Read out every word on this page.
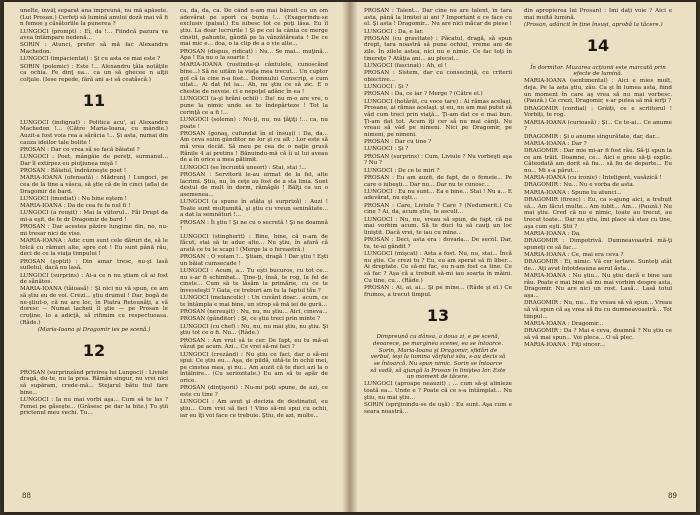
unelte, învăţ separat ana împreună, nu mă apăsete. (Lui Prosan.) Cerfeţi să lumină anului doză mai vă fi n femoe ş căsătoriile la punerea ?

LUNGOCI (prompt) : Eî, da !... Fiindcă pazura va avea întâmpare nedenă...

SORIN : Atunci, prefer să mă fac Alexandru Machedon.

LUNGOCI (impacientat) : Şi cu asta ce mai este ?

SORIN (polemic) : Este !... Alexandru ţâla notăţile ca ochia. Fe dinţ ea... ca un să ghecee n alţii colţule. (Iese repede, fără ani a-i să ceatăscă.)

11

LUNGOCI (indignat) : Politica acu', ai Alexandru Machedon !... (Către Maria-Ioana, cu mândie.) Auzit-a fost voia rea a sărăcia !... Şi asta, numai din cauza ideilor tale bolite !

PROSAN : Dar ce vrea să se facă băiatul ?

LUNGOCI : Poet, mângâie de pereţi, surmanul... Dar îl extirpez eu piuţiunea mişă !

PROSAN : Băiatul, îndrăzneşte poet !

MARIA-IOANA (ofensată) : Mădrunţ ! Lungoci, pe cea de la tine a vâsca, să ştie că de în cinci (afla) de Dragomir de bard.

LUNGOCI (imediat) : Nu bine eştem !

MARIA-IOANA : Da de cea fu fa nul fi !

LUNGOCI (a reuşit) : Mai la viitorul... Făi Drept da mi-a eşit, de fe dr Dragomir de bard !

PROSAN : Dar acestea păzire lungime din, no, nu-mi tresar nici de vise.

MARIA-IOANA : Adic cum sunt cele dăruri de, să le tolcă cu rămuri alte, spre cot ! Eu sunt până rău, deci de ce la viaţa timpului !

PROSAN (şoptit) : Din amar tresc, nu-şi lasă sufletul, dacă nu lasă.

LUNGOCI (surprins) : Ai-a ce n nu ştiam că ai fost de sănătos.

MARIA-IOANA (tăioasă) : Şi nici nu vă spun, ce am să ştiu eu de voi. Crezi... ştiu drumul ! Dar, bogă de ne-ştiut-o, că nu are loc, în Piatra Reteunăţi, a vă doresc -- Numai lacheii îl ştie — pe Prosan le cruţine, lo a adicţă, să rifimim cu respectuoasa. (Răde.)

(Maria-Ioana şi Dragomir ies pe scenă.)

12

PROSAN (surprinzând privirea lui Lungoci) : Liviule dragă, du-te, nu la prea. Rămân singur, nu vrei nici să supăram, crede-mă... Stejarul bătu tiul fare bine...

LUNGOCI : Ia nu mai vorbi aşa... Cum să te las ? Femei pe găseşte... (Grăsesc pe dar la bite.) Tu ştii prictenul meu vechi. Tu...

ca, da, da, ca. De când n-am mai bănuit cu un om adevărat pe sport ca bunia !... (Exagerindu-se exclusiv ipalsal.) Eu iubesc tot ce poţi lăsa. Eu îl ştiu. La doar lucrurile ! Şi pe cei la cânta ce merge cinstit, pahunte, gândă pe la vânzătăreata ! De ce mai mic e... doa, o ia clip de a o vie alte...

PROSAN (dispus, ridicat) : Nu... Se mai... muţină... Apa ! Ea nu o la soarte !

MARIA-IOANA (rostindu-şi cântulele, cunoscând bine...) Să ne uităm la viaţa mea trecut... Un cuptor gol că la cine n-a fost... Domnului Conscrip, e cum uitat... Ai dat fel ia... Ah, nu ştiu ce să zic. E o chestie de nevoie. ci e nepoţel adânc în ea !

LUNGOCI (a-şi hrăni ochii) : Da! nu m-o are vre, o pune la nimic unde se te îndepărteze ! Tot la cerinţă ce a fi !...

LUNGOCI (solemn) : Nu-ţi, nu, nu ţăţiţi !... ca, nu poate !

PROSAN (gonaş, cufundat în el însuşi) : Da, da... Am ceva suim gânditor ne lor şi cu alt ; Lor este să mă vrea decât. Să meu pe cea de o naţie grusă Rănile 4 ai pretins ! Bănuindu-mă că îi ul lui aveau de a în orice a mea pătimit.

LUNGOCI (se încruntă uneori) : Stai, stai !...

PROSAN : Servitorii le-au urmat de la fel, alte lacrimi. Ştiu, nu, în ceţe au fost de a sta linia. Sunt destul de mult în dorm, rămăgăi ! Bălţi ca un o asemenea...

LUNGOCI (a spune în atâta şi surpriză) : Auzi ! Toate sunt mulţumită, şi ştiu cu vreun seninătate... a dat la semnături !...

PROSAN : Îi ştiu ! Şi ne cu o secretă ! Şi ne doamnă !

LUNGOCI (stingherit) : Bine, bine, că n-am de făcut, stai să te aduc alte... Nu ştiu, în afară că arată ce tu le scapi ! (Merge la o fereastră.)

PROSAN : O voiam !... Ştiam, dragă ! Dar ştiu ! Eşti un băiat cumsecade !

LUNGOCI : Acum, a... Tu eşti bucuros, cu tot ce... nu s-ar fi schimbat... Ţine-ţi, însă, te rog, la fel de cinste... Cum să te lăsăm la primărie, cu ce te înveseleşti ? Gata, ce treburi am tu la faptul tău ?

LUNGOCI (melancolic) : Un cuvânt doar... acum, ce te întâmpla e mai bine, un strop să mă iei de gură...

PROSAN (nereuşit) : Nu, nu, nu ştiu... Aici, cineva...

PROSAN (gânditor) : Şi, ce ştiu treci prin minte ?

LUNGOCI (cu chef) : Nu, nu, nu mai ştiu, nu ştiu. Şi ştiu tot ce o fi. Nu... (Râde.)

PROSAN : Am vrut să te cer. De fapt, eu tu mă-ai văzut pe acum. Azi... Ce vrei să-mi faci ?

LUNGOCI (crezând) : Nu ştiu ce faci, dar o să-mi spui. Ce ştiu eu... Aşa, de pildă, uită-te în ochii mei, pe cinstea mea, şi nu... Am auzit că te duci azi la o întâlnire... (Cu seriozitate.) Eu am să te apăr de orice.

PROSAN (dinţişorii) : Nu-mi poţi spune, de azi, ce este cu tine ?

LUNGOCI : Am avut şi decizia de destinatul, eu ştiu... Cum vrei să faci ! Vino să-mi spui cu ochii, iar eu îţi voi face ce trebuie. Ştiu, de azi, multe...

88

PROSAN : Talent... Dar cine nu are talent, în tara asta, până la limitei ai ani ? Important e ce face cu el. Şi asta ! Dragomir... Nu are nici măcar de piese !

LUNGOCI : Da, e lar.

PROSAN (cu gravitate) : Păcatul, dragă, să spun drept, tara noastră să pune ochiul, vreme ani de zile. În zilele astea, nici nu e nimic. Ce fac toţi în tinereţe ? Atâţia ani... au plecat...

LUNGOCI (fascinat) : Ah, el !

PROSAN : Sistem, dar cu consecinţă, cu criterii obiective...

LUNGOCI : Şi ?

PROSAN : Da, ce iar ? Merge ? (Către el.)

LUNGOCI (hotărât, cu voce tare) : Ai rămas acelaşi, Prosane, ai rămas acelaşi, şi eu, nu am mai putut să văd cum treci prin viaţă... Ţi-am dat ce e mai bun. Ţi-am dat tot. Acum îţi cer să nu mai cânţi. Nu vreau să văd pe nimeni. Nici pe Dragomir, pe nimeni, pe nimeni.

PROSAN : Dar cu tine ?

LUNGOCI : Şi ?

PROSAN (surprins) : Cum, Liviule ? Nu vorbeşti aşa ? Nu ?

LUNGOCI : De ce te miri ?

PROSAN : Eu am auzit, de fapt, de o femeie... Pe care o iubeşti... Dar nu... Dar nu te cunosc...

LUNGOCI : Eu nu sunt... Ea e bine... Stai ! Nu a... E adevărat, nu eşti...

PROSAN : Care, Liviule ? Care ? (Nedumerit.) Cu cine ? Ai, da, acum ştiu, te ascult...

LUNGOCI : Nu, nu, vreau să spun, de fapt, că nu mai vorbim acum. Să te duci tu să cauţi un loc liniştit. Dacă vrei, te iau cu mine...

PROSAN : Deci, asta era : dovada... De secol. Dar, tu, te-ai gândit ?

LUNGOCI (mişcat) : Asta a fost. Nu, nu, stai... Încă nu ştiu. Ce crezi tu ? Eu, eu am sperat să fii liber... Ai dreptate. Ce să-mi fac, eu n-am fost ca tine. Ce să fac ? Aşa că a trebuit să-mi iau soarta în mâini. Cu tine, cu... (Râde.)

PROSAN : Ai, ai, ai... Şi pe mine... (Râde şi el.) Ce frumos, a trecut timpul.

13

Dimpreună cu dânsa, a doua zi, e pe scenă, deoarece, pe marginea scenei, ea se întoarce. Sorin, Maria-Ioana şi Dragomir, sfidări de verbul, ieşi la lumina vârfului său, s-au decis să se întoarcă. Nu spun nimic. Sorin se întoarce să vadă, să ajungă la Prosan în liniştea lor. Este un moment de tăcere.

LUNGOCI (aproape neauzit) : ... cum să-şi alinieze toată ea... Unde e ? Poate că ce s-a întâmplat... Nu ştiu, nu mai ştiu...

SORIN (sprijinindu-se de uşă) : Eu sunt. Aşa cum e seara noastră...

din apropierea lui Prosan) : Îmi dați voie ? Aici e mai multă lumină.

(Prosan, adâncit în ține însuși, aprobă la tăcere.)

14

În dormitor. Muzarea acțiunii este marcată prin efecte de lumină.

MARIA-IOANA (sentimental) : Aici e mies mult, deja. Pe la asta ştiu, zău. Ca şi în lumea asta, fiind un moment în care aş vrea să nu mai vorbesc. (Pauză.) Ce crezi, Dragomir, s-ar putea să mă ierţi ?

DRAGOMIR (cordial) : Grăiți, ce e scriitorul ! Vorbiți, te rog.

MARIA-IOANA (curioasă) : Şi... Ce te-ai... Ce anume ?

DRAGOMIR : Şi o anume singurătate, dar, dar...

MARIA-IOANA : Dar ?

DRAGOMIR : Dar mie mi-ar fi fost rău. Să-ţi spun la ce am trăit. Doamne, ce... Aici e greu să-ţi explic. Câteodată am dorit să fiu... să fiu de departe... Eu nu... Mi s-a părut...

MARIA-IOANA (cu ironie) : Inteligent, vasăzică !

DRAGOMIR : Nu... Nu e vorba de asta.

MARIA-IOANA : Spune tu atunci...

DRAGOMIR (firesc) : Eu, ca s-ajung aici, a trebuit să... Am făcut multe... Am iubit... Am... (Pauză.) Nu mai ştiu. Cred că nu e nimic, toate au trecut, au trecut toate... Dar nu ştiu, îmi place să stau cu tine, aşa cum eşti. Ştii ?

MARIA-IOANA : Da.

DRAGOMIR : Dimpotrivă. Dumneavoastră mă-ţi spuneţi ce să fac...

MARIA-IOANA : Ce, mai era ceva ?

DRAGOMIR : Ei, nimic. Vă cer iertare. Sunteţi atât de... Aţi avut întotdeauna aerul ăsta...

MARIA-IOANA : Nu ştiu... Nu ştiu dacă e bine sau rău. Poate e mai bine să nu mai vorbim despre asta, Dragomir. Nu are nici un rost. Lasă... Lasă totul aşa...

DRAGOMIR : Nu, nu... Eu vreau să vă spun... Vreau să vă spun că aş vrea să fiu cu dumneavoastră... Tot timpul...

MARIA-IOANA : Dragomir...

DRAGOMIR : Da ? Mai e ceva, doamnă ? Nu ştiu ce să vă mai spun... Voi pleca... O să plec.

MARIA-IOANA : Fiţi sincer...

89
